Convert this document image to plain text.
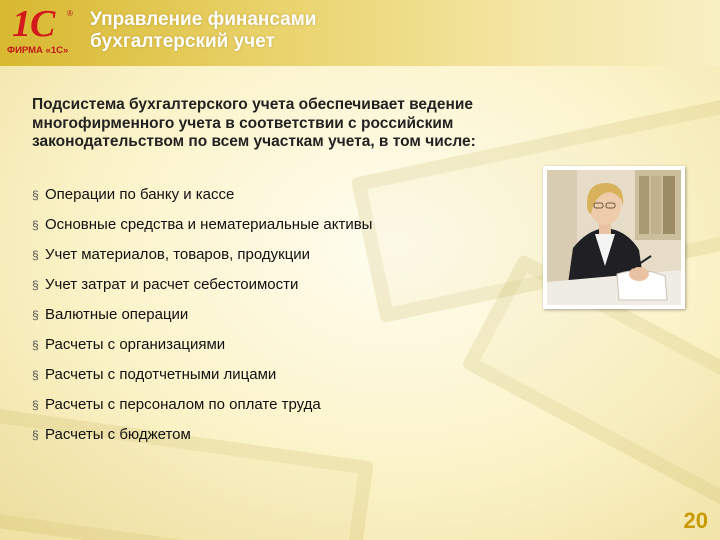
1С ®
ФИРМА «1С»
Управление финансами
бухгалтерский учет
Подсистема бухгалтерского учета обеспечивает ведение многофирменного учета в соответствии с российским законодательством по всем участкам учета, в том числе:
§ Операции по банку и кассе
§ Основные средства и нематериальные активы
§ Учет материалов, товаров, продукции
§ Учет затрат и расчет себестоимости
§ Валютные операции
§ Расчеты с организациями
§ Расчеты с подотчетными лицами
§ Расчеты с персоналом по оплате труда
§ Расчеты с бюджетом
20
